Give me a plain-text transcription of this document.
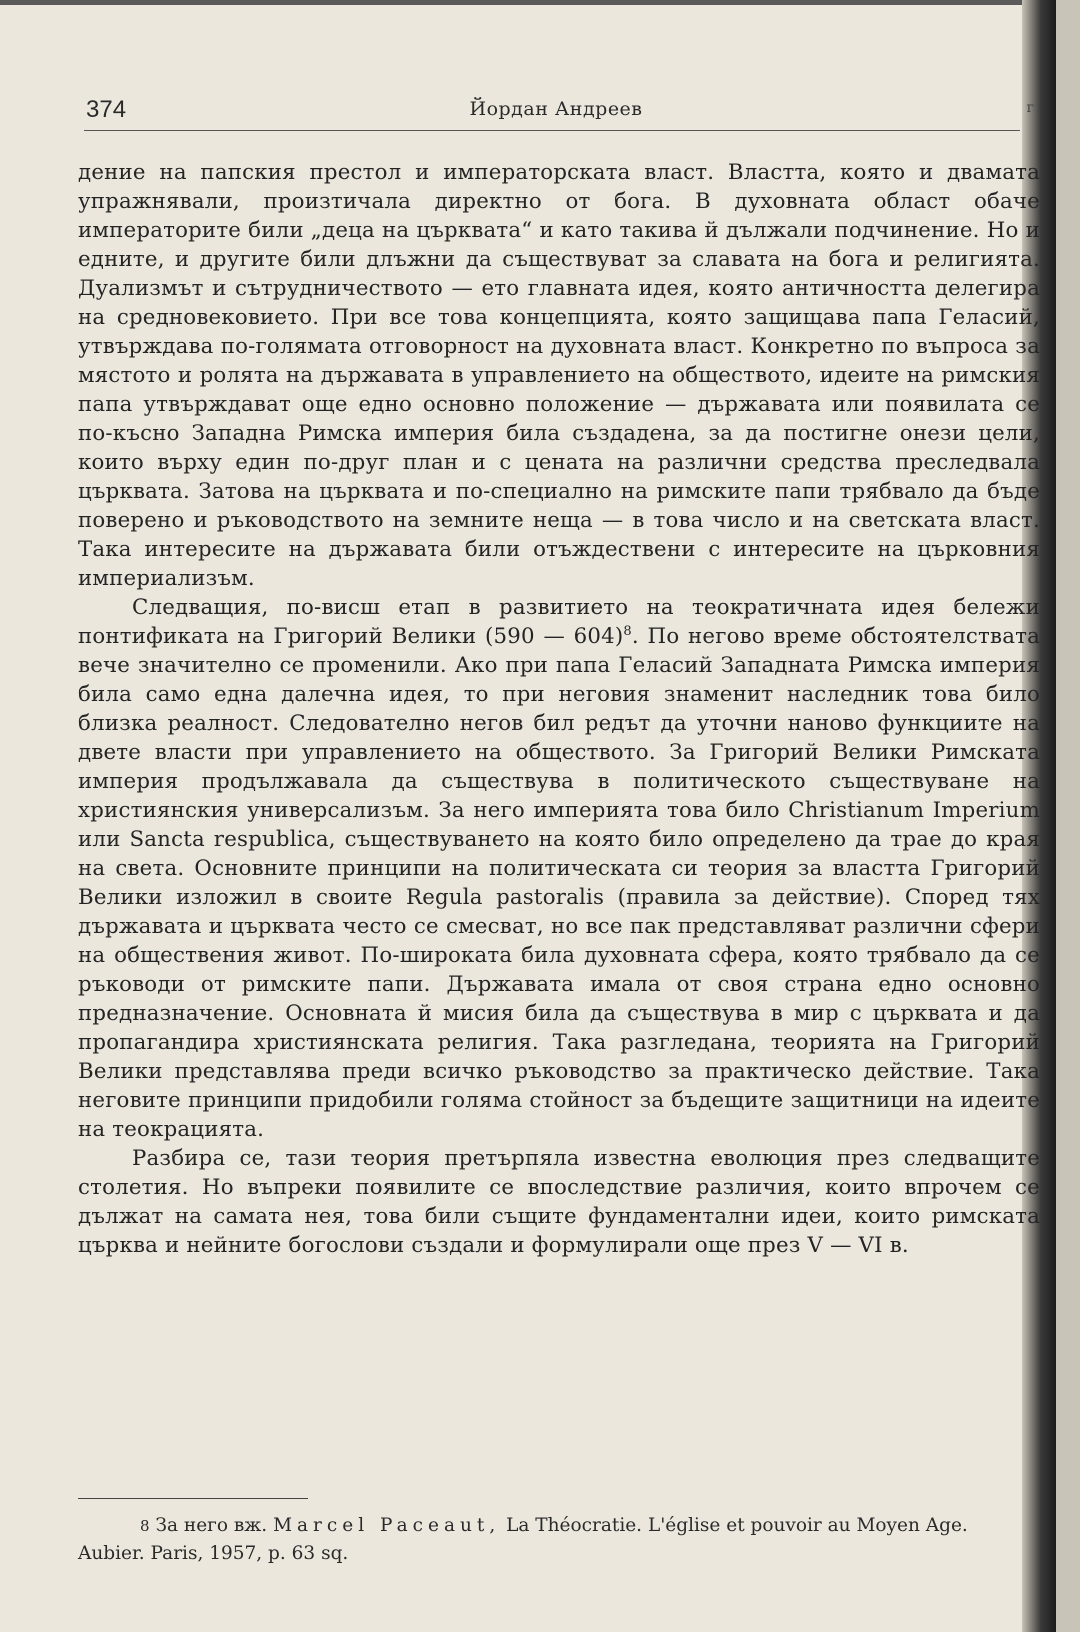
374	Йордан Андреев	г

дение на папския престол и императорската власт. Властта, която и двамата упражнявали, произтичала директно от бога. В духовната област обаче императорите били „деца на църквата“ и като такива й дължали подчинение. Но и едните, и другите били длъжни да съществуват за славата на бога и религията. Дуализмът и сътрудничеството — ето главната идея, която античността делегира на средновековието. При все това концепцията, която защищава папа Геласий, утвърждава по-голямата отговорност на духовната власт. Конкретно по въпроса за мястото и ролята на държавата в управлението на обществото, идеите на римския папа утвърждават още едно основно положение — държавата или появилата се по-късно Западна Римска империя била създадена, за да постигне онези цели, които върху един по-друг план и с цената на различни средства преследвала църквата. Затова на църквата и по-специално на римските папи трябвало да бъде поверено и ръководството на земните неща — в това число и на светската власт. Така интересите на държавата били отъждествени с интересите на църковния империализъм.

Следващия, по-висш етап в развитието на теократичната идея бележи понтификата на Григорий Велики (590 — 604)$^8$. По негово време обстоятелствата вече значително се променили. Ако при папа Геласий Западната Римска империя била само една далечна идея, то при неговия знаменит наследник това било близка реалност. Следователно негов бил редът да уточни наново функциите на двете власти при управлението на обществото. За Григорий Велики Римската империя продължавала да съществува в политическото съществуване на християнския универсализъм. За него империята това било Christianum Imperium или Sancta respublica, съществуването на която било определено да трае до края на света. Основните принципи на политическата си теория за властта Григорий Велики изложил в своите Regula pastoralis (правила за действие). Според тях държавата и църквата често се смесват, но все пак представляват различни сфери на обществения живот. По-широката била духовната сфера, която трябвало да се ръководи от римските папи. Държавата имала от своя страна едно основно предназначение. Основната й мисия била да съществува в мир с църквата и да пропагандира християнската религия. Така разгледана, теорията на Григорий Велики представлява преди всичко ръководство за практическо действие. Така неговите принципи придобили голяма стойност за бъдещите защитници на идеите на теокрацията.

Разбира се, тази теория претърпяла известна еволюция през следващите столетия. Но въпреки появилите се впоследствие различия, които впрочем се дължат на самата нея, това били същите фундаментални идеи, които римската църква и нейните богослови създали и формулирали още през V — VI в.

8 За него вж. Marcel Paceaut, La Théocratie. L'église et pouvoir au Moyen Age. Aubier. Paris, 1957, p. 63 sq.
